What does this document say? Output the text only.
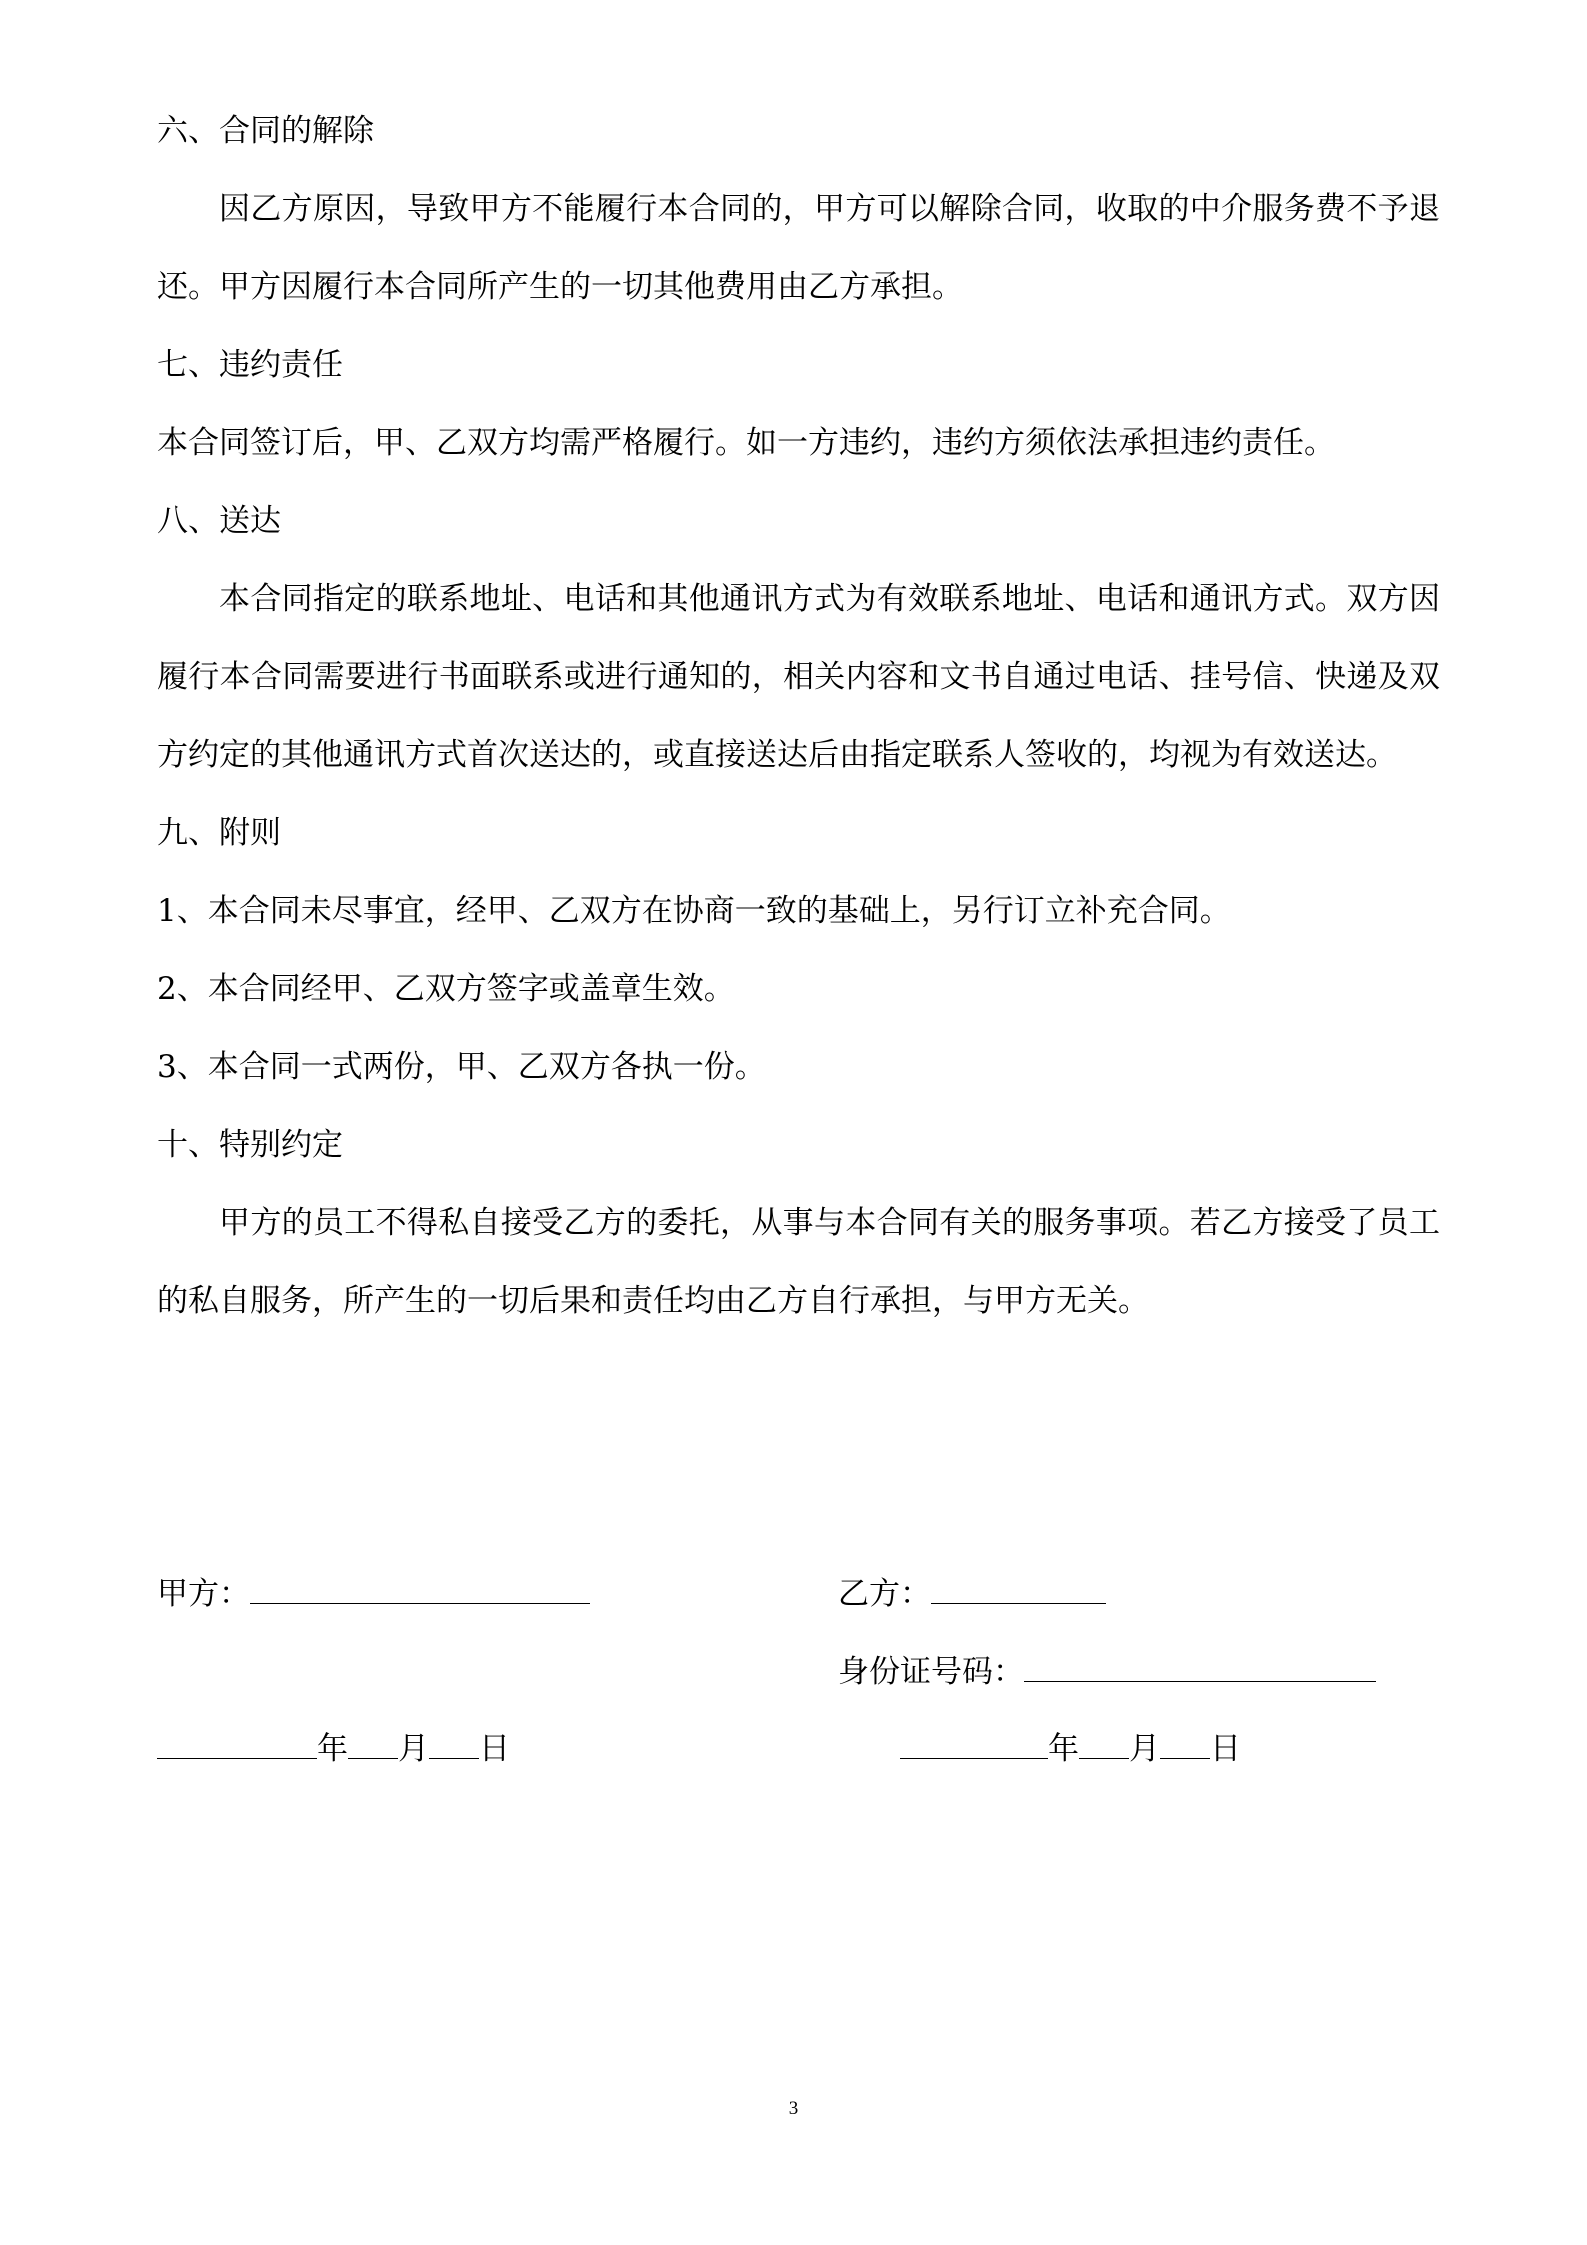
六、合同的解除

因乙方原因，导致甲方不能履行本合同的，甲方可以解除合同，收取的中介服务费不予退还。甲方因履行本合同所产生的一切其他费用由乙方承担。

七、违约责任

本合同签订后，甲、乙双方均需严格履行。如一方违约，违约方须依法承担违约责任。

八、送达

本合同指定的联系地址、电话和其他通讯方式为有效联系地址、电话和通讯方式。双方因履行本合同需要进行书面联系或进行通知的，相关内容和文书自通过电话、挂号信、快递及双方约定的其他通讯方式首次送达的，或直接送达后由指定联系人签收的，均视为有效送达。

九、附则

1、本合同未尽事宜，经甲、乙双方在协商一致的基础上，另行订立补充合同。

2、本合同经甲、乙双方签字或盖章生效。

3、本合同一式两份，甲、乙双方各执一份。

十、特别约定

甲方的员工不得私自接受乙方的委托，从事与本合同有关的服务事项。若乙方接受了员工的私自服务，所产生的一切后果和责任均由乙方自行承担，与甲方无关。

甲方：	乙方：
身份证号码：
年 月 日	年 月 日
3
